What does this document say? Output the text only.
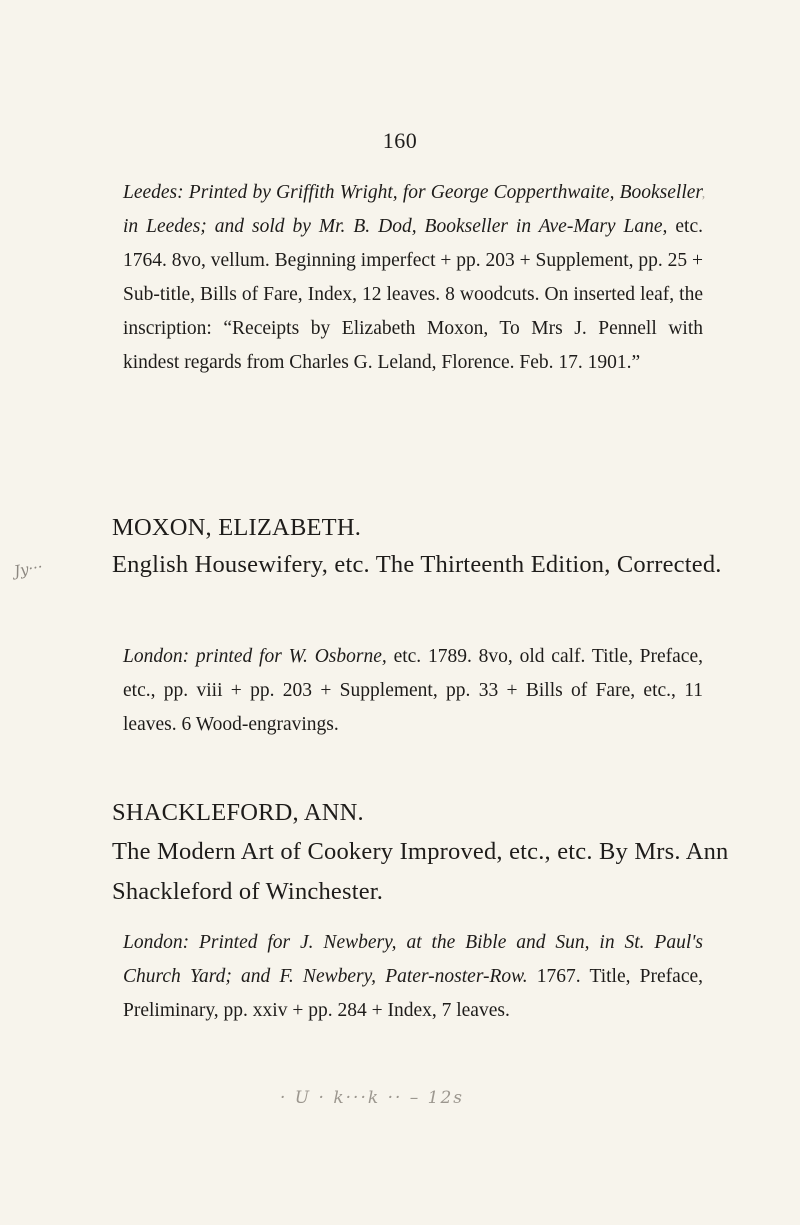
160
ʼ
Leedes: Printed by Griffith Wright, for George Copperthwaite, Bookseller in Leedes; and sold by Mr. B. Dod, Bookseller in Ave-Mary Lane, etc. 1764. 8vo, vellum. Beginning imperfect + pp. 203 + Supplement, pp. 25 + Sub-title, Bills of Fare, Index, 12 leaves. 8 woodcuts. On inserted leaf, the inscription: “Receipts by Elizabeth Moxon, To Mrs J. Pennell with kindest regards from Charles G. Leland, Florence. Feb. 17. 1901.”
MOXON, ELIZABETH.
English Housewifery, etc. The Thirteenth Edition, Corrected.
Jy···
London: printed for W. Osborne, etc. 1789. 8vo, old calf. Title, Preface, etc., pp. viii + pp. 203 + Supplement, pp. 33 + Bills of Fare, etc., 11 leaves. 6 Wood-engravings.
SHACKLEFORD, ANN.
The Modern Art of Cookery Improved, etc., etc. By Mrs. Ann Shackleford of Winchester.
London: Printed for J. Newbery, at the Bible and Sun, in St. Paul's Church Yard; and F. Newbery, Pater-noster-Row. 1767. Title, Preface, Preliminary, pp. xxiv + pp. 284 + Index, 7 leaves.
· U · k···k ·· – 12s
